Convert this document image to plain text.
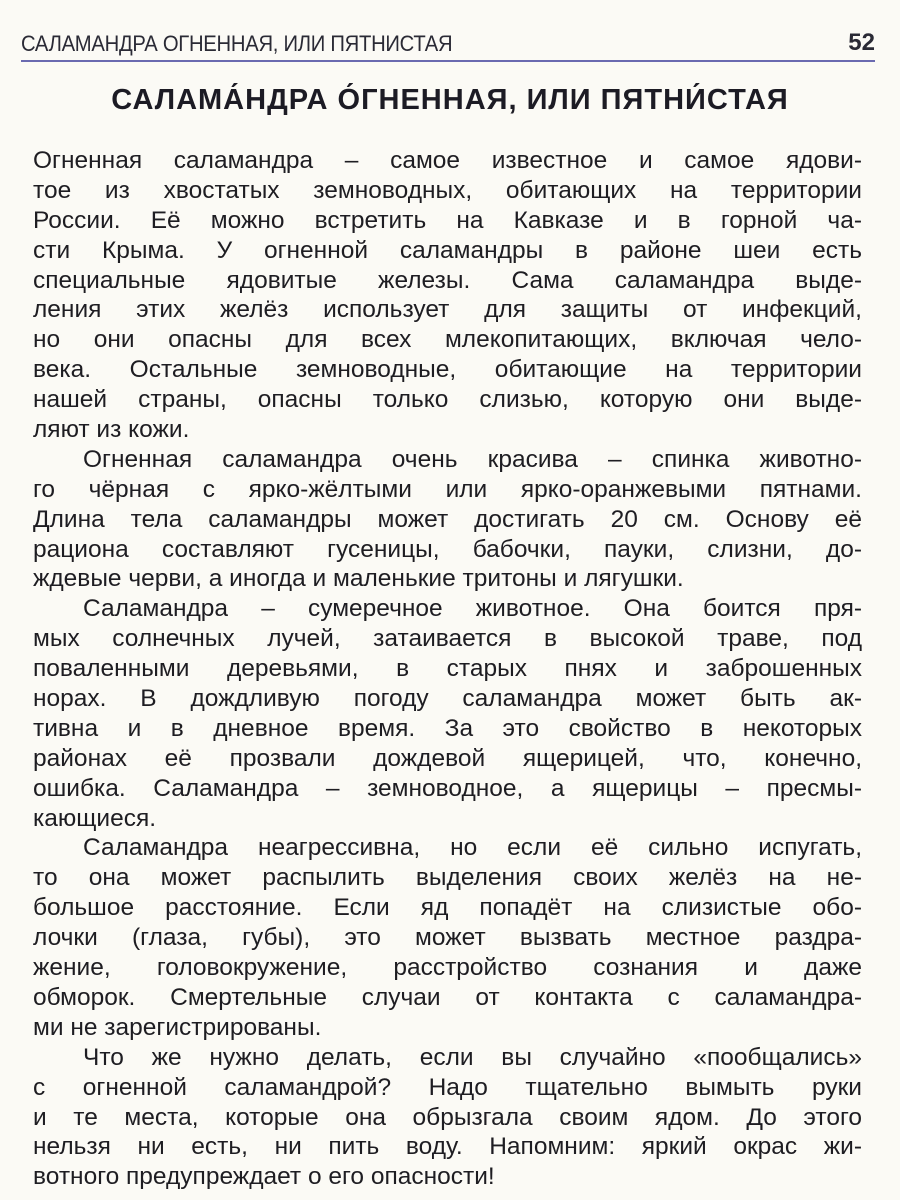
САЛАМАНДРА ОГНЕННАЯ, ИЛИ ПЯТНИСТАЯ	52
САЛАМА́НДРА О́ГНЕННАЯ, ИЛИ ПЯТНИ́СТАЯ
Огненная саламандра – самое известное и самое ядови-
тое из хвостатых земноводных, обитающих на территории
России. Её можно встретить на Кавказе и в горной ча-
сти Крыма. У огненной саламандры в районе шеи есть
специальные ядовитые железы. Сама саламандра выде-
ления этих желёз использует для защиты от инфекций,
но они опасны для всех млекопитающих, включая чело-
века. Остальные земноводные, обитающие на территории
нашей страны, опасны только слизью, которую они выде-
ляют из кожи.
Огненная саламандра очень красива – спинка животно-
го чёрная с ярко-жёлтыми или ярко-оранжевыми пятнами.
Длина тела саламандры может достигать 20 см. Основу её
рациона составляют гусеницы, бабочки, пауки, слизни, до-
ждевые черви, а иногда и маленькие тритоны и лягушки.
Саламандра – сумеречное животное. Она боится пря-
мых солнечных лучей, затаивается в высокой траве, под
поваленными деревьями, в старых пнях и заброшенных
норах. В дождливую погоду саламандра может быть ак-
тивна и в дневное время. За это свойство в некоторых
районах её прозвали дождевой ящерицей, что, конечно,
ошибка. Саламандра – земноводное, а ящерицы – пресмы-
кающиеся.
Саламандра неагрессивна, но если её сильно испугать,
то она может распылить выделения своих желёз на не-
большое расстояние. Если яд попадёт на слизистые обо-
лочки (глаза, губы), это может вызвать местное раздра-
жение, головокружение, расстройство сознания и даже
обморок. Смертельные случаи от контакта с саламандра-
ми не зарегистрированы.
Что же нужно делать, если вы случайно «пообщались»
с огненной саламандрой? Надо тщательно вымыть руки
и те места, которые она обрызгала своим ядом. До этого
нельзя ни есть, ни пить воду. Напомним: яркий окрас жи-
вотного предупреждает о его опасности!
